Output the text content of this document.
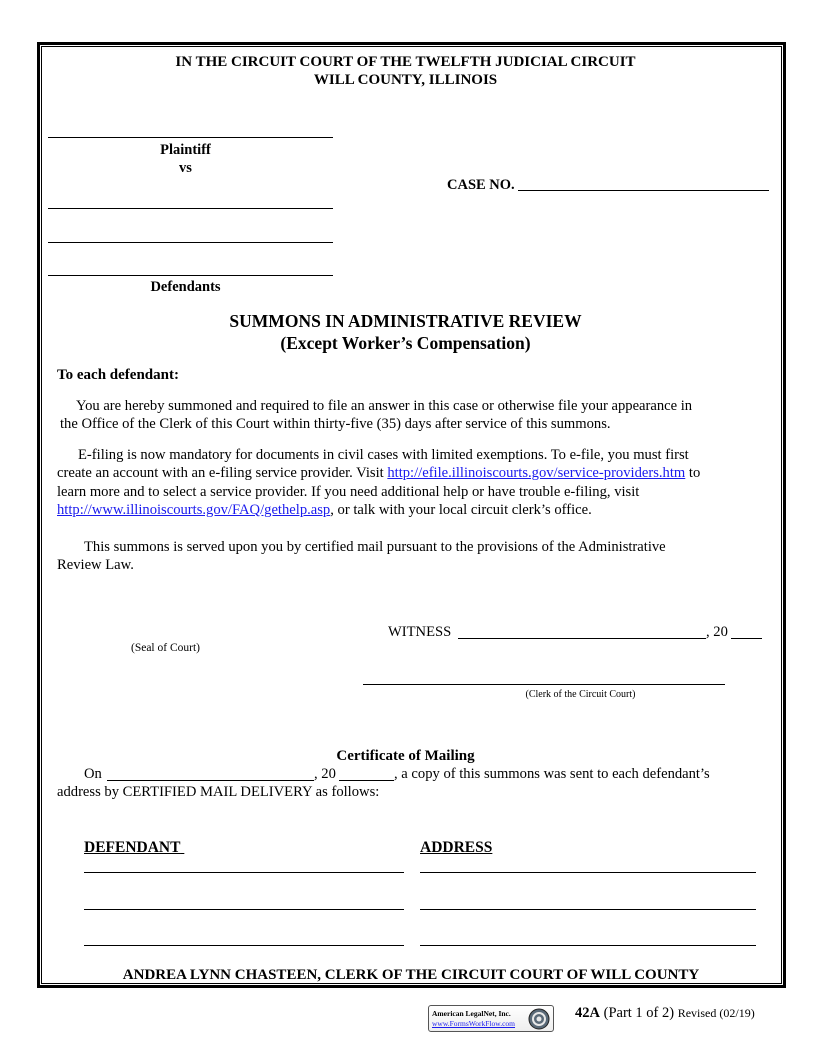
IN THE CIRCUIT COURT OF THE TWELFTH JUDICIAL CIRCUIT
WILL COUNTY, ILLINOIS
Plaintiff
vs
CASE NO.
Defendants
SUMMONS IN ADMINISTRATIVE REVIEW
(Except Worker’s Compensation)
To each defendant:
You are hereby summoned and required to file an answer in this case or otherwise file your appearance in
the Office of the Clerk of this Court within thirty-five (35) days after service of this summons.
E-filing is now mandatory for documents in civil cases with limited exemptions. To e-file, you must first
create an account with an e-filing service provider. Visit http://efile.illinoiscourts.gov/service-providers.htm to
learn more and to select a service provider. If you need additional help or have trouble e-filing, visit
http://www.illinoiscourts.gov/FAQ/gethelp.asp, or talk with your local circuit clerk’s office.
This summons is served upon you by certified mail pursuant to the provisions of the Administrative
Review Law.
WITNESS	, 20
(Seal of Court)
(Clerk of the Circuit Court)
Certificate of Mailing
On	, 20	, a copy of this summons was sent to each defendant’s
address by CERTIFIED MAIL DELIVERY as follows:
DEFENDANT	ADDRESS
ANDREA LYNN CHASTEEN, CLERK OF THE CIRCUIT COURT OF WILL COUNTY
American LegalNet, Inc.
www.FormsWorkFlow.com
42A (Part 1 of 2) Revised (02/19)
